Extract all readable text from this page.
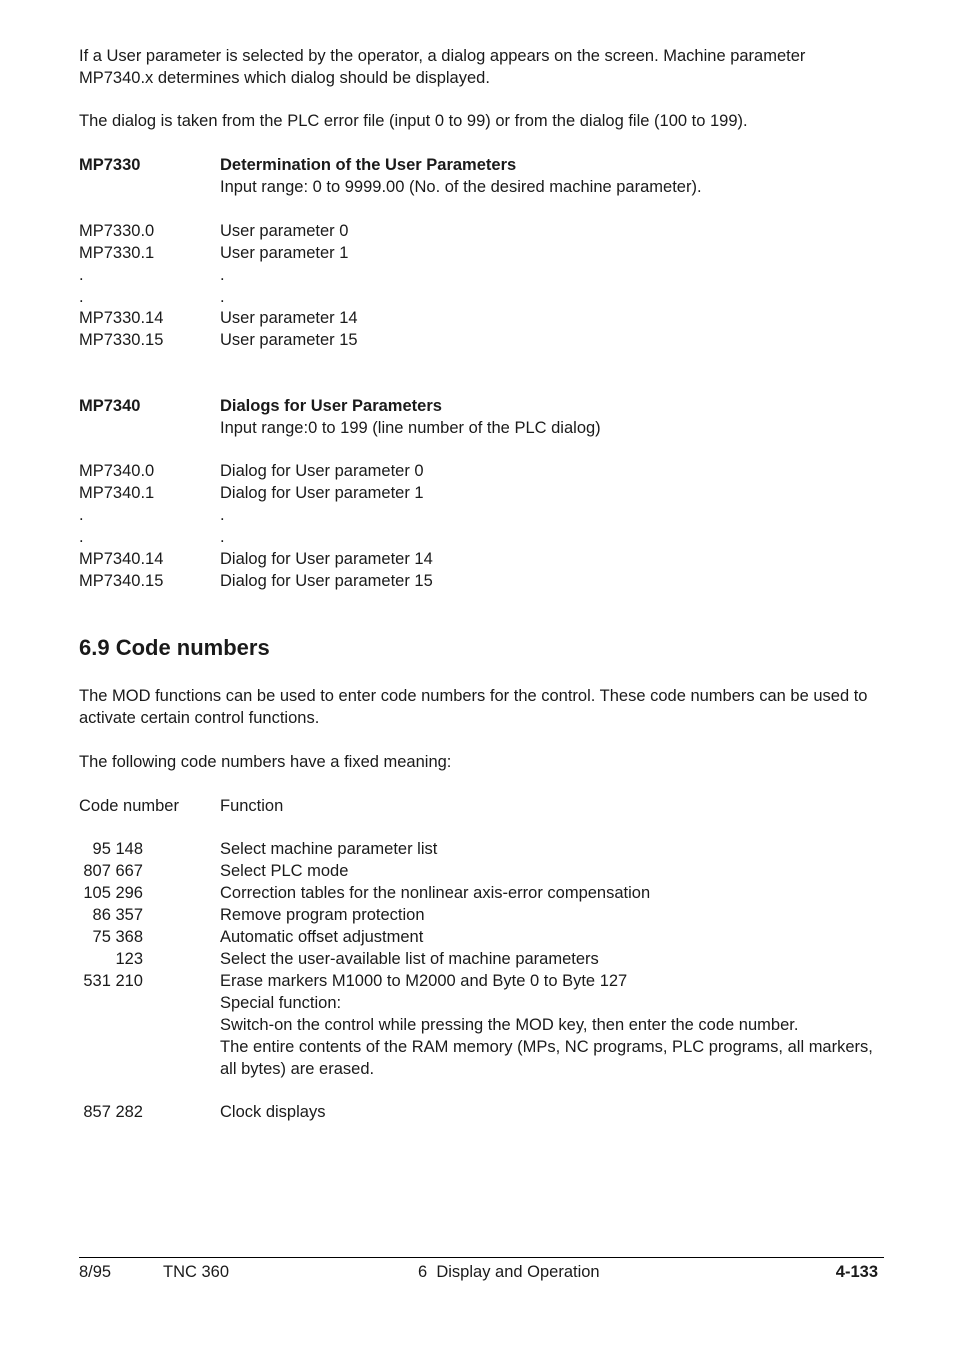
If a User parameter is selected by the operator, a dialog appears on the screen. Machine parameter MP7340.x determines which dialog should be displayed.
The dialog is taken from the PLC error file (input 0 to 99) or from the dialog file (100 to 199).
MP7330	Determination of the User Parameters
Input range: 0 to 9999.00 (No. of the desired machine parameter).
MP7330.0	User parameter 0
MP7330.1	User parameter 1
.	.
.	.
MP7330.14	User parameter 14
MP7330.15	User parameter 15
MP7340	Dialogs for User Parameters
Input range:0 to 199 (line number of the PLC dialog)
MP7340.0	Dialog for User parameter 0
MP7340.1	Dialog for User parameter 1
.	.
.	.
MP7340.14	Dialog for User parameter 14
MP7340.15	Dialog for User parameter 15
6.9 Code numbers
The MOD functions can be used to enter code numbers for the control. These code numbers can be used to activate certain control functions.
The following code numbers have a fixed meaning:
Code number Function
95 148	Select machine parameter list
807 667	Select PLC mode
105 296	Correction tables for the nonlinear axis-error compensation
86 357	Remove program protection
75 368	Automatic offset adjustment
123	Select the user-available list of machine parameters
531 210	Erase markers M1000 to M2000 and Byte 0 to Byte 127
Special function:
Switch-on the control while pressing the MOD key, then enter the code number.
The entire contents of the RAM memory (MPs, NC programs, PLC programs, all markers, all bytes) are erased.
857 282	Clock displays
8/95	TNC 360	6  Display and Operation	4-133
